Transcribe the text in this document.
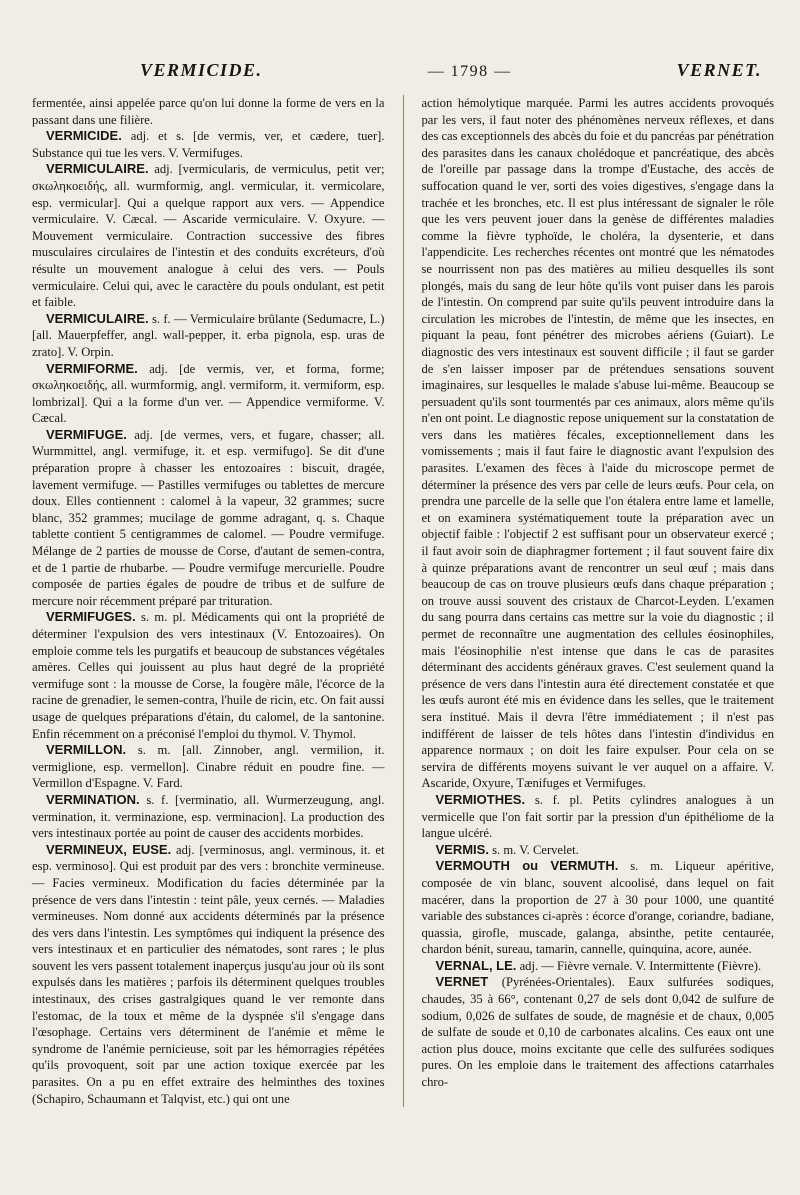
VERMICIDE.	— 1798 —	VERNET.

fermentée, ainsi appelée parce qu'on lui donne la forme de vers en la passant dans une filière.

VERMICIDE. adj. et s. [de vermis, ver, et cædere, tuer]. Substance qui tue les vers. V. Vermifuges.

VERMICULAIRE. adj. [vermicularis, de vermiculus, petit ver; σκωληκοειδής, all. wurmformig, angl. vermicular, it. vermicolare, esp. vermicular]. Qui a quelque rapport aux vers. — Appendice vermiculaire. V. Cæcal. — Ascaride vermiculaire. V. Oxyure. — Mouvement vermiculaire. Contraction successive des fibres musculaires circulaires de l'intestin et des conduits excréteurs, d'où résulte un mouvement analogue à celui des vers. — Pouls vermiculaire. Celui qui, avec le caractère du pouls ondulant, est petit et faible.

VERMICULAIRE. s. f. — Vermiculaire brûlante (Sedumacre, L.) [all. Mauerpfeffer, angl. wall-pepper, it. erba pignola, esp. uras de zrato]. V. Orpin.

VERMIFORME. adj. [de vermis, ver, et forma, forme; σκωληκοειδής, all. wurmformig, angl. vermiform, it. vermiform, esp. lombrizal]. Qui a la forme d'un ver. — Appendice vermiforme. V. Cæcal.

VERMIFUGE. adj. [de vermes, vers, et fugare, chasser; all. Wurmmittel, angl. vermifuge, it. et esp. vermifugo]. Se dit d'une préparation propre à chasser les entozoaires : biscuit, dragée, lavement vermifuge. — Pastilles vermifuges ou tablettes de mercure doux. Elles contiennent : calomel à la vapeur, 32 grammes; sucre blanc, 352 grammes; mucilage de gomme adragant, q. s. Chaque tablette contient 5 centigrammes de calomel. — Poudre vermifuge. Mélange de 2 parties de mousse de Corse, d'autant de semen-contra, et de 1 partie de rhubarbe. — Poudre vermifuge mercurielle. Poudre composée de parties égales de poudre de tribus et de sulfure de mercure noir récemment préparé par trituration.

VERMIFUGES. s. m. pl. Médicaments qui ont la propriété de déterminer l'expulsion des vers intestinaux (V. Entozoaires). On emploie comme tels les purgatifs et beaucoup de substances végétales amères. Celles qui jouissent au plus haut degré de la propriété vermifuge sont : la mousse de Corse, la fougère mâle, l'écorce de la racine de grenadier, le semen-contra, l'huile de ricin, etc. On fait aussi usage de quelques préparations d'étain, du calomel, de la santonine. Enfin récemment on a préconisé l'emploi du thymol. V. Thymol.

VERMILLON. s. m. [all. Zinnober, angl. vermilion, it. vermiglione, esp. vermellon]. Cinabre réduit en poudre fine. — Vermillon d'Espagne. V. Fard.

VERMINATION. s. f. [verminatio, all. Wurmerzeugung, angl. vermination, it. verminazione, esp. verminacion]. La production des vers intestinaux portée au point de causer des accidents morbides.

VERMINEUX, EUSE. adj. [verminosus, angl. verminous, it. et esp. verminoso]. Qui est produit par des vers : bronchite vermineuse. — Facies vermineux. Modification du facies déterminée par la présence de vers dans l'intestin : teint pâle, yeux cernés. — Maladies vermineuses. Nom donné aux accidents déterminés par la présence des vers dans l'intestin. Les symptômes qui indiquent la présence des vers intestinaux et en particulier des nématodes, sont rares ; le plus souvent les vers passent totalement inaperçus jusqu'au jour où ils sont expulsés dans les matières ; parfois ils déterminent quelques troubles intestinaux, des crises gastralgiques quand le ver remonte dans l'estomac, de la toux et même de la dyspnée s'il s'engage dans l'œsophage. Certains vers déterminent de l'anémie et même le syndrome de l'anémie pernicieuse, soit par les hémorragies répétées qu'ils provoquent, soit par une action toxique exercée par les parasites. On a pu en effet extraire des helminthes des toxines (Schapiro, Schaumann et Talqvist, etc.) qui ont une

action hémolytique marquée. Parmi les autres accidents provoqués par les vers, il faut noter des phénomènes nerveux réflexes, et dans des cas exceptionnels des abcès du foie et du pancréas par pénétration des parasites dans les canaux cholédoque et pancréatique, des abcès de l'oreille par passage dans la trompe d'Eustache, des accès de suffocation quand le ver, sorti des voies digestives, s'engage dans la trachée et les bronches, etc. Il est plus intéressant de signaler le rôle que les vers peuvent jouer dans la genèse de différentes maladies comme la fièvre typhoïde, le choléra, la dysenterie, et dans l'appendicite. Les recherches récentes ont montré que les nématodes se nourrissent non pas des matières au milieu desquelles ils sont plongés, mais du sang de leur hôte qu'ils vont puiser dans les parois de l'intestin. On comprend par suite qu'ils peuvent introduire dans la circulation les microbes de l'intestin, de même que les insectes, en piquant la peau, font pénétrer des microbes aériens (Guiart). Le diagnostic des vers intestinaux est souvent difficile ; il faut se garder de s'en laisser imposer par de prétendues sensations souvent imaginaires, sur lesquelles le malade s'abuse lui-même. Beaucoup se persuadent qu'ils sont tourmentés par ces animaux, alors même qu'ils n'en ont point. Le diagnostic repose uniquement sur la constatation de vers dans les matières fécales, exceptionnellement dans les vomissements ; mais il faut faire le diagnostic avant l'expulsion des parasites. L'examen des fèces à l'aide du microscope permet de déterminer la présence des vers par celle de leurs œufs. Pour cela, on prendra une parcelle de la selle que l'on étalera entre lame et lamelle, et on examinera systématiquement toute la préparation avec un objectif faible : l'objectif 2 est suffisant pour un observateur exercé ; il faut avoir soin de diaphragmer fortement ; il faut souvent faire dix à quinze préparations avant de rencontrer un seul œuf ; mais dans beaucoup de cas on trouve plusieurs œufs dans chaque préparation ; on trouve aussi souvent des cristaux de Charcot-Leyden. L'examen du sang pourra dans certains cas mettre sur la voie du diagnostic ; il permet de reconnaître une augmentation des cellules éosinophiles, mais l'éosinophilie n'est intense que dans le cas de parasites déterminant des accidents généraux graves. C'est seulement quand la présence de vers dans l'intestin aura été directement constatée et que les œufs auront été mis en évidence dans les selles, que le traitement sera institué. Mais il devra l'être immédiatement ; il n'est pas indifférent de laisser de tels hôtes dans l'intestin d'individus en apparence normaux ; on doit les faire expulser. Pour cela on se servira de différents moyens suivant le ver auquel on a affaire. V. Ascaride, Oxyure, Tænifuges et Vermifuges.

VERMIOTHES. s. f. pl. Petits cylindres analogues à un vermicelle que l'on fait sortir par la pression d'un épithéliome de la langue ulcéré.

VERMIS. s. m. V. Cervelet.

VERMOUTH ou VERMUTH. s. m. Liqueur apéritive, composée de vin blanc, souvent alcoolisé, dans lequel on fait macérer, dans la proportion de 27 à 30 pour 1000, une quantité variable des substances ci-après : écorce d'orange, coriandre, badiane, quassia, girofle, muscade, galanga, absinthe, petite centaurée, chardon bénit, sureau, tamarin, cannelle, quinquina, acore, aunée.

VERNAL, LE. adj. — Fièvre vernale. V. Intermittente (Fièvre).

VERNET (Pyrénées-Orientales). Eaux sulfurées sodiques, chaudes, 35 à 66°, contenant 0,27 de sels dont 0,042 de sulfure de sodium, 0,026 de sulfates de soude, de magnésie et de chaux, 0,005 de sulfate de soude et 0,10 de carbonates alcalins. Ces eaux ont une action plus douce, moins excitante que celle des sulfurées sodiques pures. On les emploie dans le traitement des affections catarrhales chro-
